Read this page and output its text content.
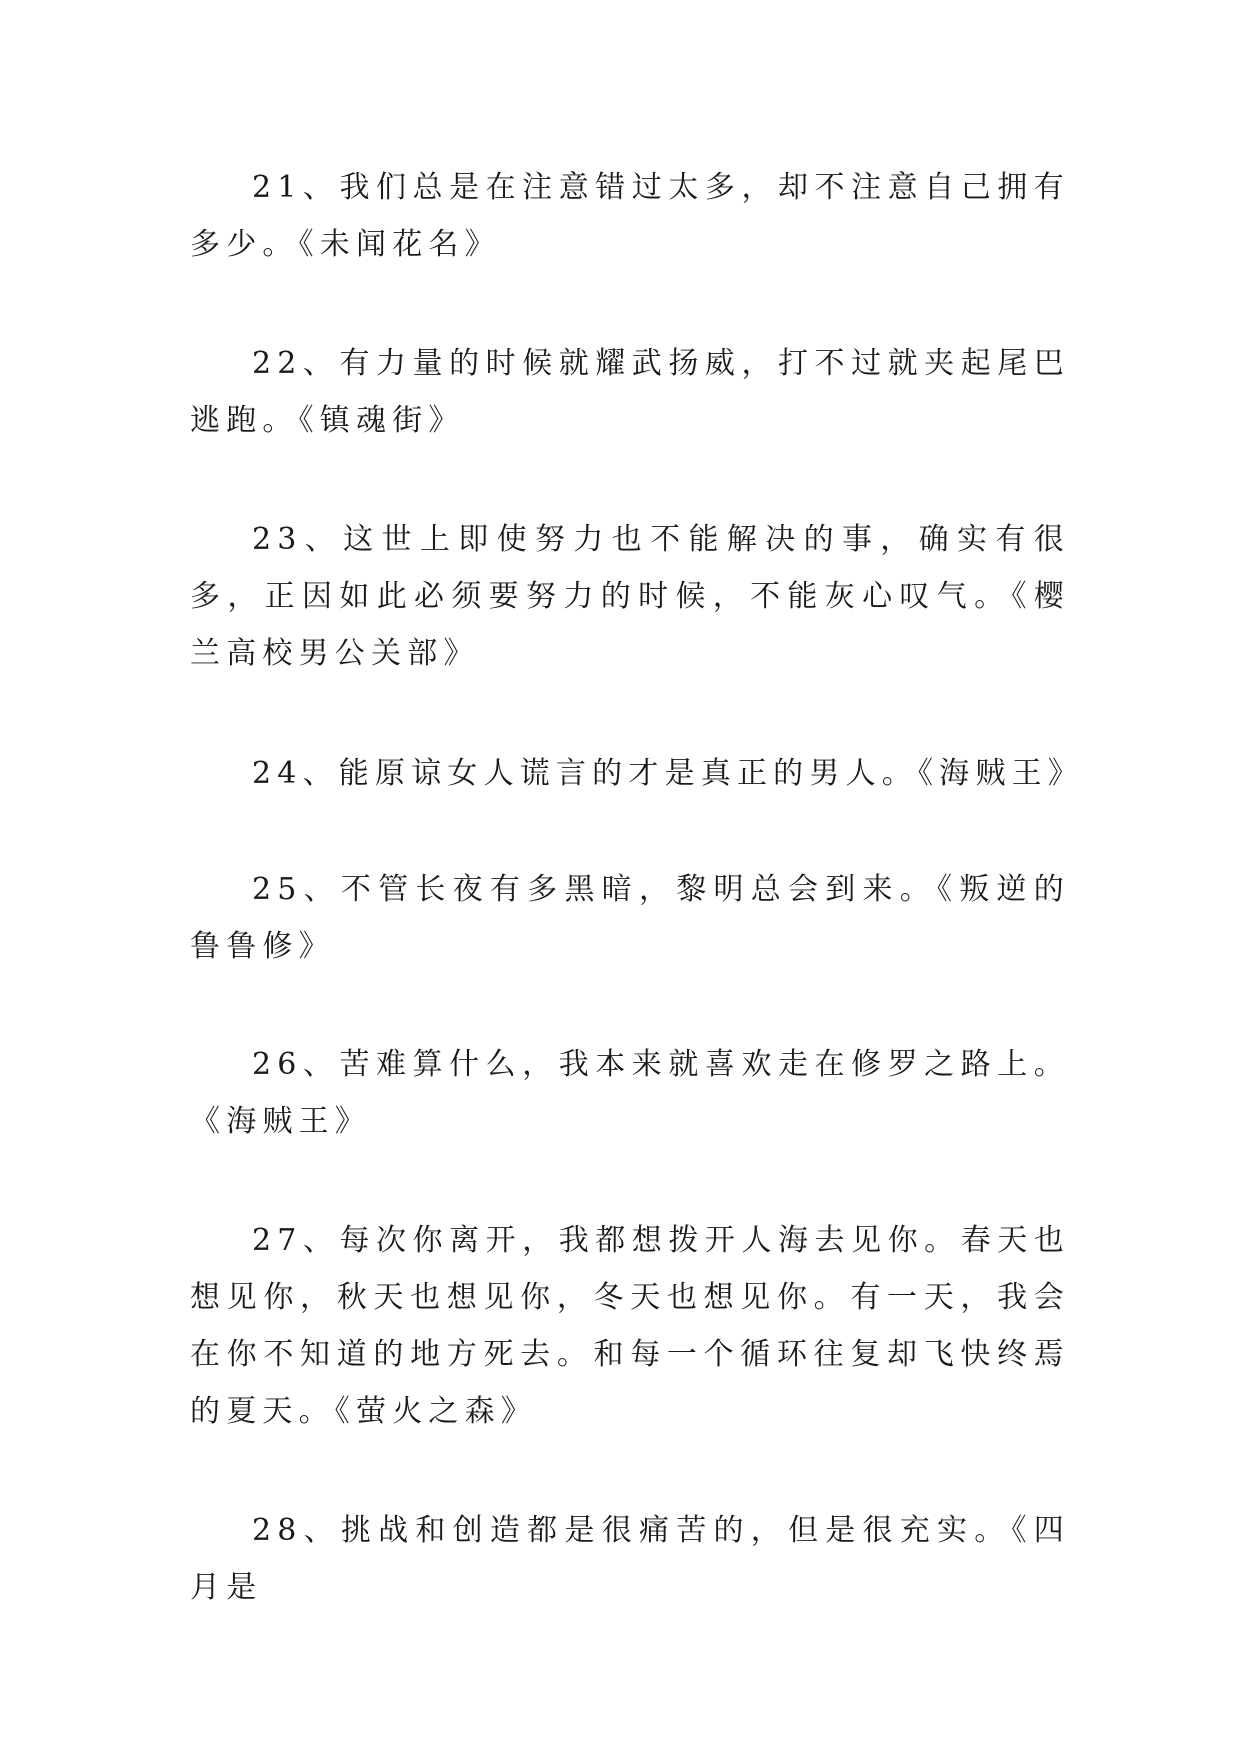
21、我们总是在注意错过太多，却不注意自己拥有多少。《未闻花名》

22、有力量的时候就耀武扬威，打不过就夹起尾巴逃跑。《镇魂街》

23、这世上即使努力也不能解决的事，确实有很多，正因如此必须要努力的时候，不能灰心叹气。《樱兰高校男公关部》

24、能原谅女人谎言的才是真正的男人。《海贼王》

25、不管长夜有多黑暗，黎明总会到来。《叛逆的鲁鲁修》

26、苦难算什么，我本来就喜欢走在修罗之路上。《海贼王》

27、每次你离开，我都想拨开人海去见你。春天也想见你，秋天也想见你，冬天也想见你。有一天，我会在你不知道的地方死去。和每一个循环往复却飞快终焉的夏天。《萤火之森》

28、挑战和创造都是很痛苦的，但是很充实。《四月是
